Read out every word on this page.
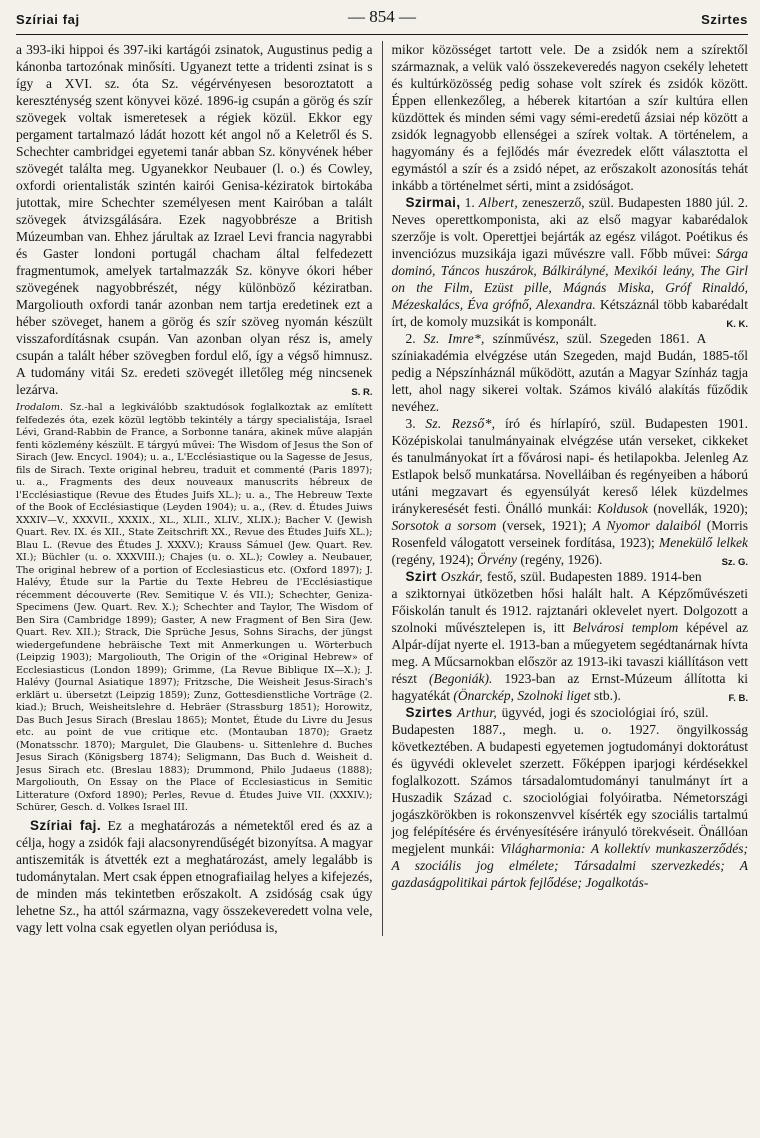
Szíriai faj	— 854 —	Szirtes

a 393-iki hippoi és 397-iki kartágói zsinatok, Augustinus pedig a kánonba tartozónak minősíti. Ugyanezt tette a tridenti zsinat is s így a XVI. sz. óta Sz. végérvényesen besoroztatott a kereszténység szent könyvei közé. 1896-ig csupán a görög és szír szövegek voltak ismeretesek a régiek közül. Ekkor egy pergament tartalmazó ládát hozott két angol nő a Keletről és S. Schechter cambridgei egyetemi tanár abban Sz. könyvének héber szövegét találta meg. Ugyanekkor Neubauer (l. o.) és Cowley, oxfordi orientalisták szintén kairói Genisa-kéziratok birtokába jutottak, mire Schechter személyesen ment Kairóban a talált szövegek átvizsgálására. Ezek nagyobbrésze a British Múzeumban van. Ehhez járultak az Izrael Levi francia nagyrabbi és Gaster londoni portugál chacham által felfedezett fragmentumok, amelyek tartalmazzák Sz. könyve ókori héber szövegének nagyobbrészét, négy különböző kéziratban. Margoliouth oxfordi tanár azonban nem tartja eredetinek ezt a héber szöveget, hanem a görög és szír szöveg nyomán készült visszafordításnak csupán. Van azonban olyan rész is, amely csupán a talált héber szövegben fordul elő, így a végső himnusz. A tudomány vitái Sz. eredeti szövegét illetőleg még nincsenek lezárva.	S. R.

Irodalom. Sz.-hal a legkiválóbb szaktudósok foglalkoztak az említett felfedezés óta, ezek közül legtöbb tekintély a tárgy specialistája, Israel Lévi, Grand-Rabbin de France, a Sorbonne tanára, akinek műve alapján fenti közlemény készült. E tárgyú művei: The Wisdom of Jesus the Son of Sirach (Jew. Encycl. 1904); u. a., L'Ecclésiastique ou la Sagesse de Jesus, fils de Sirach. Texte original hebreu, traduit et commenté (Paris 1897); u. a., Fragments des deux nouveaux manuscrits hébreux de l'Ecclésiastique (Revue des Études Juifs XL.); u. a., The Hebreuw Texte of the Book of Ecclésiastique (Leyden 1904); u. a., (Rev. d. Études Juiws XXXIV—V., XXXVII., XXXIX., XL., XLII., XLIV., XLIX.); Bacher V. (Jewish Quart. Rev. IX. és XII., State Zeitschrift XX., Revue des Études Juifs XL.); Blau L. (Revue des Études J. XXXV.); Krauss Sámuel (Jew. Quart. Rev. XI.); Büchler (u. o. XXXVIII.); Chajes (u. o. XL.); Cowley a. Neubauer, The original hebrew of a portion of Ecclesiasticus etc. (Oxford 1897); J. Halévy, Étude sur la Partie du Texte Hebreu de l'Ecclésiastique récemment découverte (Rev. Semitique V. és VII.); Schechter, Geniza-Specimens (Jew. Quart. Rev. X.); Schechter and Taylor, The Wisdom of Ben Sira (Cambridge 1899); Gaster, A new Fragment of Ben Sira (Jew. Quart. Rev. XII.); Strack, Die Sprüche Jesus, Sohns Sirachs, der jüngst wiedergefundene hebräische Text mit Anmerkungen u. Wörterbuch (Leipzig 1903); Margoliouth, The Origin of the «Original Hebrew» of Ecclesiasticus (London 1899); Grimme, (La Revue Biblique IX—X.); J. Halévy (Journal Asiatique 1897); Fritzsche, Die Weisheit Jesus-Sirach's erklärt u. übersetzt (Leipzig 1859); Zunz, Gottesdienstliche Vorträge (2. kiad.); Bruch, Weisheitslehre d. Hebräer (Strassburg 1851); Horowitz, Das Buch Jesus Sirach (Breslau 1865); Montet, Étude du Livre du Jesus etc. au point de vue critique etc. (Montauban 1870); Graetz (Monatsschr. 1870); Margulet, Die Glaubens- u. Sittenlehre d. Buches Jesus Sirach (Königsberg 1874); Seligmann, Das Buch d. Weisheit d. Jesus Sirach etc. (Breslau 1883); Drummond, Philo Judaeus (1888); Margoliouth, On Essay on the Place of Ecclesiasticus in Semitic Litterature (Oxford 1890); Perles, Revue d. Études Juive VII. (XXXIV.); Schürer, Gesch. d. Volkes Israel III.

Szíriai faj. Ez a meghatározás a németektől ered és az a célja, hogy a zsidók faji alacsonyrendűségét bizonyítsa. A magyar antiszemiták is átvették ezt a meghatározást, amely legalább is tudománytalan. Mert csak éppen etnografiailag helyes a kifejezés, de minden más tekintetben erőszakolt. A zsidóság csak úgy lehetne Sz., ha attól származna, vagy összekeveredett volna vele, vagy lett volna csak egyetlen olyan periódusa is,

mikor közösséget tartott vele. De a zsidók nem a szírektől származnak, a velük való összekeveredés nagyon csekély lehetett és kultúrközösség pedig sohase volt szírek és zsidók között. Éppen ellenkezőleg, a héberek kitartóan a szír kultúra ellen küzdöttek és minden sémi vagy sémi-eredetű ázsiai nép között a zsidók legnagyobb ellenségei a szírek voltak. A történelem, a hagyomány és a fejlődés már évezredek előtt választotta el egymástól a szír és a zsidó népet, az erőszakolt azonosítás tehát inkább a történelmet sérti, mint a zsidóságot.

Szirmai, 1. Albert, zeneszerző, szül. Budapesten 1880 júl. 2. Neves operettkomponista, aki az első magyar kabarédalok szerzője is volt. Operettjei bejárták az egész világot. Poétikus és invenciózus muzsikája igazi művészre vall. Főbb művei: Sárga dominó, Táncos huszárok, Bálkirályné, Mexikói leány, The Girl on the Film, Ezüst pille, Mágnás Miska, Gróf Rinaldó, Mézeskalács, Éva grófnő, Alexandra. Kétszáznál több kabarédalt írt, de komoly muzsikát is komponált.	K. K.

2. Sz. Imre*, színművész, szül. Szegeden 1861. A színiakadémia elvégzése után Szegeden, majd Budán, 1885-től pedig a Népszínháznál működött, azután a Magyar Színház tagja lett, ahol nagy sikerei voltak. Számos kiváló alakítás fűződik nevéhez.

3. Sz. Rezső*, író és hírlapíró, szül. Budapesten 1901. Középiskolai tanulmányainak elvégzése után verseket, cikkeket és tanulmányokat írt a fővárosi napi- és hetilapokba. Jelenleg Az Estlapok belső munkatársa. Novelláiban és regényeiben a háború utáni megzavart és egyensúlyát kereső lélek küzdelmes iránykeresését festi. Önálló munkái: Koldusok (novellák, 1920); Sorsotok a sorsom (versek, 1921); A Nyomor dalaiból (Morris Rosenfeld válogatott verseinek fordítása, 1923); Menekülő lelkek (regény, 1924); Örvény (regény, 1926).	Sz. G.

Szirt Oszkár, festő, szül. Budapesten 1889. 1914-ben a sziktornyai ütközetben hősi halált halt. A Képzőművészeti Főiskolán tanult és 1912. rajztanári oklevelet nyert. Dolgozott a szolnoki művésztelepen is, itt Belvárosi templom képével az Alpár-díjat nyerte el. 1913-ban a műegyetem segédtanárnak hívta meg. A Műcsarnokban először az 1913-iki tavaszi kiállításon vett részt (Begoniák). 1923-ban az Ernst-Múzeum állította ki hagyatékát (Önarckép, Szolnoki liget stb.).	F. B.

Szirtes Arthur, ügyvéd, jogi és szociológiai író, szül. Budapesten 1887., megh. u. o. 1927. öngyilkosság következtében. A budapesti egyetemen jogtudományi doktorátust és ügyvédi oklevelet szerzett. Főképpen iparjogi kérdésekkel foglalkozott. Számos társadalomtudományi tanulmányt írt a Huszadik Század c. szociológiai folyóiratba. Németországi jogászkörökben is rokonszenvvel kísérték egy szociális tartalmú jog felépítésére és érvényesítésére irányuló törekvéseit. Önállóan megjelent munkái: Világharmonia: A kollektív munkaszerződés; A szociális jog elmélete; Társadalmi szervezkedés; A gazdaságpolitikai pártok fejlődése; Jogalkotás-
